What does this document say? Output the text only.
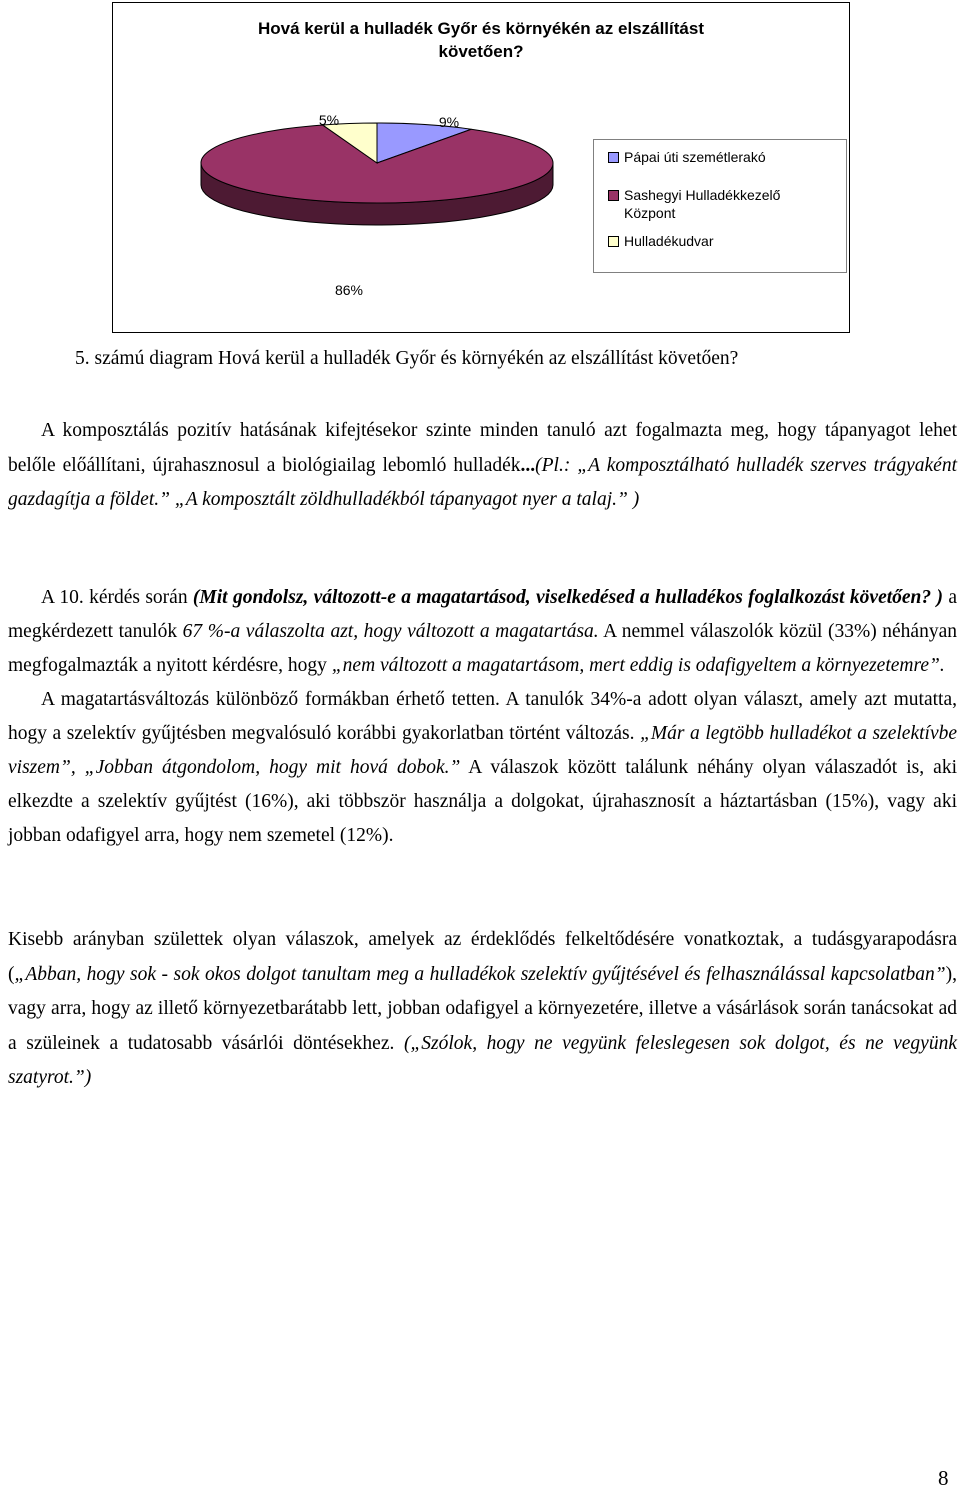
Hová kerül a hulladék Győr és környékén az elszállítást
követően?
9%
86%
5%
Pápai úti szemétlerakó
Sashegyi Hulladékkezelő Központ
Hulladékudvar
5. számú diagram Hová kerül a hulladék Győr és környékén az elszállítást követően?

A komposztálás pozitív hatásának kifejtésekor szinte minden tanuló azt fogalmazta meg, hogy tápanyagot lehet belőle előállítani, újrahasznosul a biológiailag lebomló hulladék...(Pl.: „A komposztálható hulladék szerves trágyaként gazdagítja a földet.” „A komposztált zöldhulladékból tápanyagot nyer a talaj.” )

A 10. kérdés során (Mit gondolsz, változott-e a magatartásod, viselkedésed a hulladékos foglalkozást követően? ) a megkérdezett tanulók 67 %-a válaszolta azt, hogy változott a magatartása. A nemmel válaszolók közül (33%) néhányan megfogalmazták a nyitott kérdésre, hogy „nem változott a magatartásom, mert eddig is odafigyeltem a környezetemre”.

A magatartásváltozás különböző formákban érhető tetten. A tanulók 34%-a adott olyan választ, amely azt mutatta, hogy a szelektív gyűjtésben megvalósuló korábbi gyakorlatban történt változás. „Már a legtöbb hulladékot a szelektívbe viszem”, „Jobban átgondolom, hogy mit hová dobok.” A válaszok között találunk néhány olyan válaszadót is, aki elkezdte a szelektív gyűjtést (16%), aki többször használja a dolgokat, újrahasznosít a háztartásban (15%), vagy aki jobban odafigyel arra, hogy nem szemetel (12%).

Kisebb arányban születtek olyan válaszok, amelyek az érdeklődés felkeltődésére vonatkoztak, a tudásgyarapodásra („Abban, hogy sok - sok okos dolgot tanultam meg a hulladékok szelektív gyűjtésével és felhasználással kapcsolatban”), vagy arra, hogy az illető környezetbarátabb lett, jobban odafigyel a környezetére, illetve a vásárlások során tanácsokat ad a szüleinek a tudatosabb vásárlói döntésekhez. („Szólok, hogy ne vegyünk feleslegesen sok dolgot, és ne vegyünk szatyrot.”)

8
